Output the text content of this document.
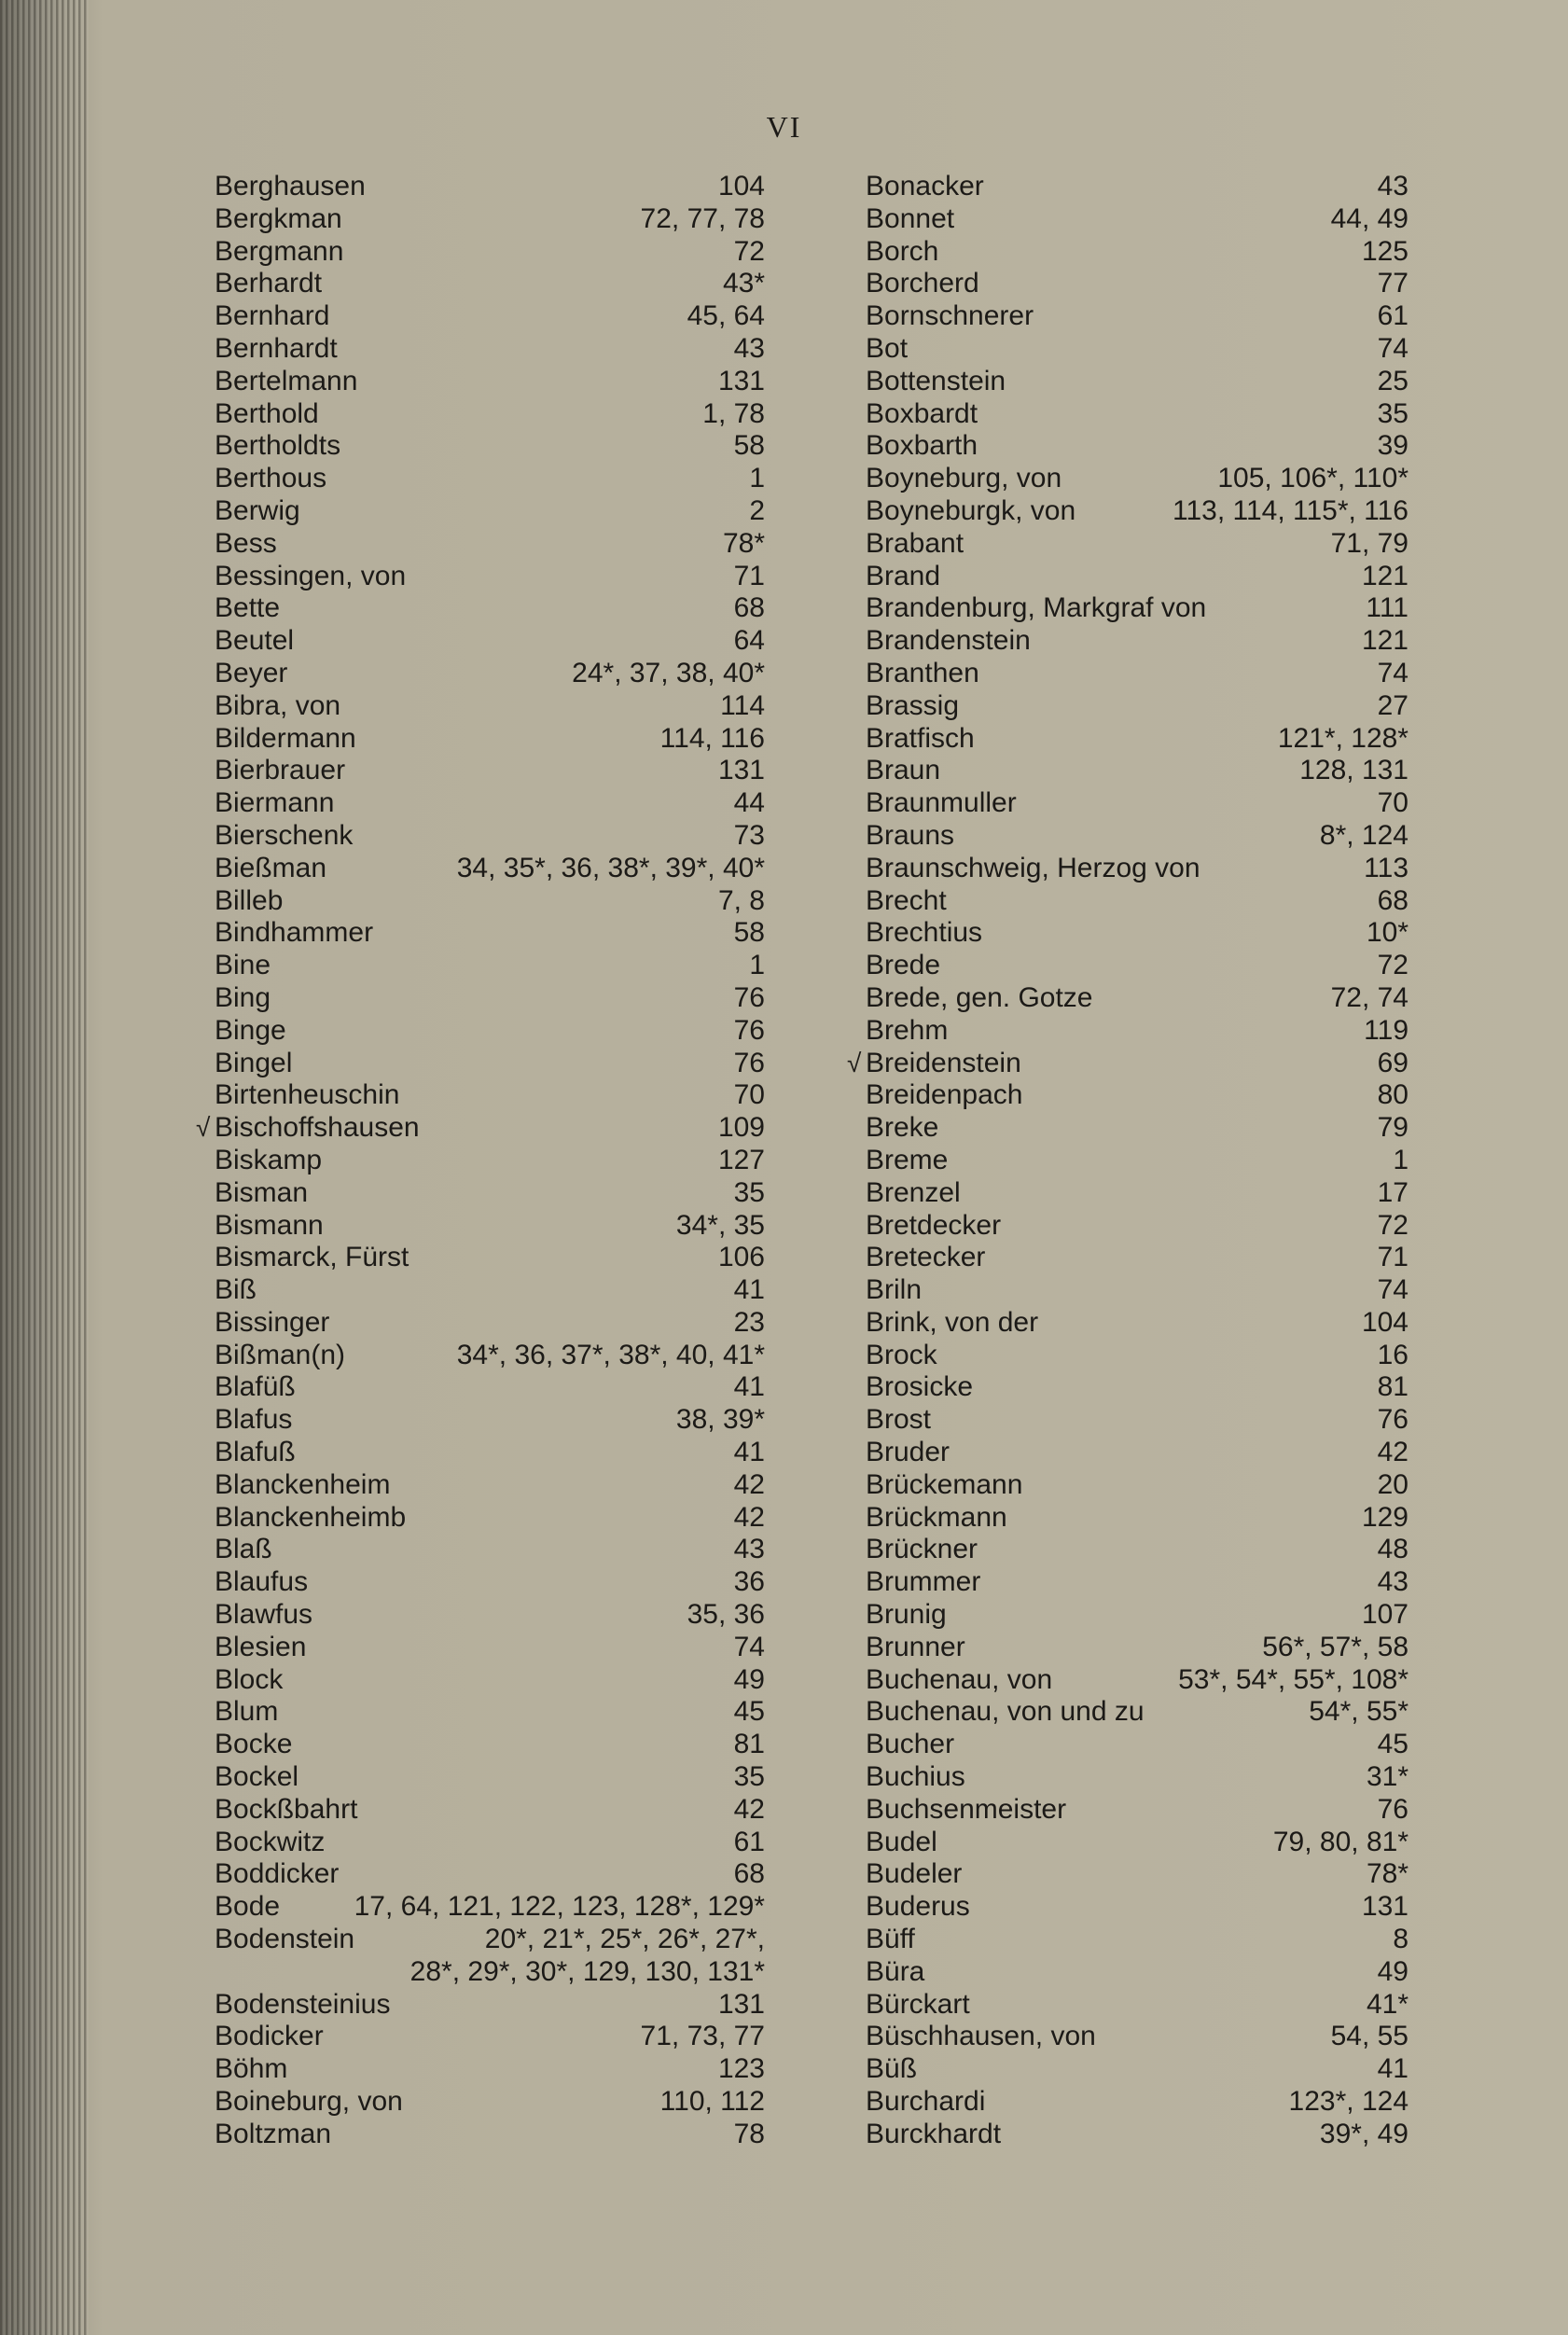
VI
Berghausen	104
Bergkman	72, 77, 78
Bergmann	72
Berhardt	43*
Bernhard	45, 64
Bernhardt	43
Bertelmann	131
Berthold	1, 78
Bertholdts	58
Berthous	1
Berwig	2
Bess	78*
Bessingen, von	71
Bette	68
Beutel	64
Beyer	24*, 37, 38, 40*
Bibra, von	114
Bildermann	114, 116
Bierbrauer	131
Biermann	44
Bierschenk	73
Bießman	34, 35*, 36, 38*, 39*, 40*
Billeb	7, 8
Bindhammer	58
Bine	1
Bing	76
Binge	76
Bingel	76
Birtenheuschin	70
√ Bischoffshausen	109
Biskamp	127
Bisman	35
Bismann	34*, 35
Bismarck, Fürst	106
Biß	41
Bissinger	23
Bißman(n)	34*, 36, 37*, 38*, 40, 41*
Blafüß	41
Blafus	38, 39*
Blafuß	41
Blanckenheim	42
Blanckenheimb	42
Blaß	43
Blaufus	36
Blawfus	35, 36
Blesien	74
Block	49
Blum	45
Bocke	81
Bockel	35
Bockßbahrt	42
Bockwitz	61
Boddicker	68
Bode	17, 64, 121, 122, 123, 128*, 129*
Bodenstein	20*, 21*, 25*, 26*, 27*,
28*, 29*, 30*, 129, 130, 131*
Bodensteinius	131
Bodicker	71, 73, 77
Böhm	123
Boineburg, von	110, 112
Boltzman	78
Bonacker	43
Bonnet	44, 49
Borch	125
Borcherd	77
Bornschnerer	61
Bot	74
Bottenstein	25
Boxbardt	35
Boxbarth	39
Boyneburg, von	105, 106*, 110*
Boyneburgk, von	113, 114, 115*, 116
Brabant	71, 79
Brand	121
Brandenburg, Markgraf von	111
Brandenstein	121
Branthen	74
Brassig	27
Bratfisch	121*, 128*
Braun	128, 131
Braunmuller	70
Brauns	8*, 124
Braunschweig, Herzog von	113
Brecht	68
Brechtius	10*
Brede	72
Brede, gen. Gotze	72, 74
Brehm	119
√ Breidenstein	69
Breidenpach	80
Breke	79
Breme	1
Brenzel	17
Bretdecker	72
Bretecker	71
Briln	74
Brink, von der	104
Brock	16
Brosicke	81
Brost	76
Bruder	42
Brückemann	20
Brückmann	129
Brückner	48
Brummer	43
Brunig	107
Brunner	56*, 57*, 58
Buchenau, von	53*, 54*, 55*, 108*
Buchenau, von und zu	54*, 55*
Bucher	45
Buchius	31*
Buchsenmeister	76
Budel	79, 80, 81*
Budeler	78*
Buderus	131
Büff	8
Büra	49
Bürckart	41*
Büschhausen, von	54, 55
Büß	41
Burchardi	123*, 124
Burckhardt	39*, 49
